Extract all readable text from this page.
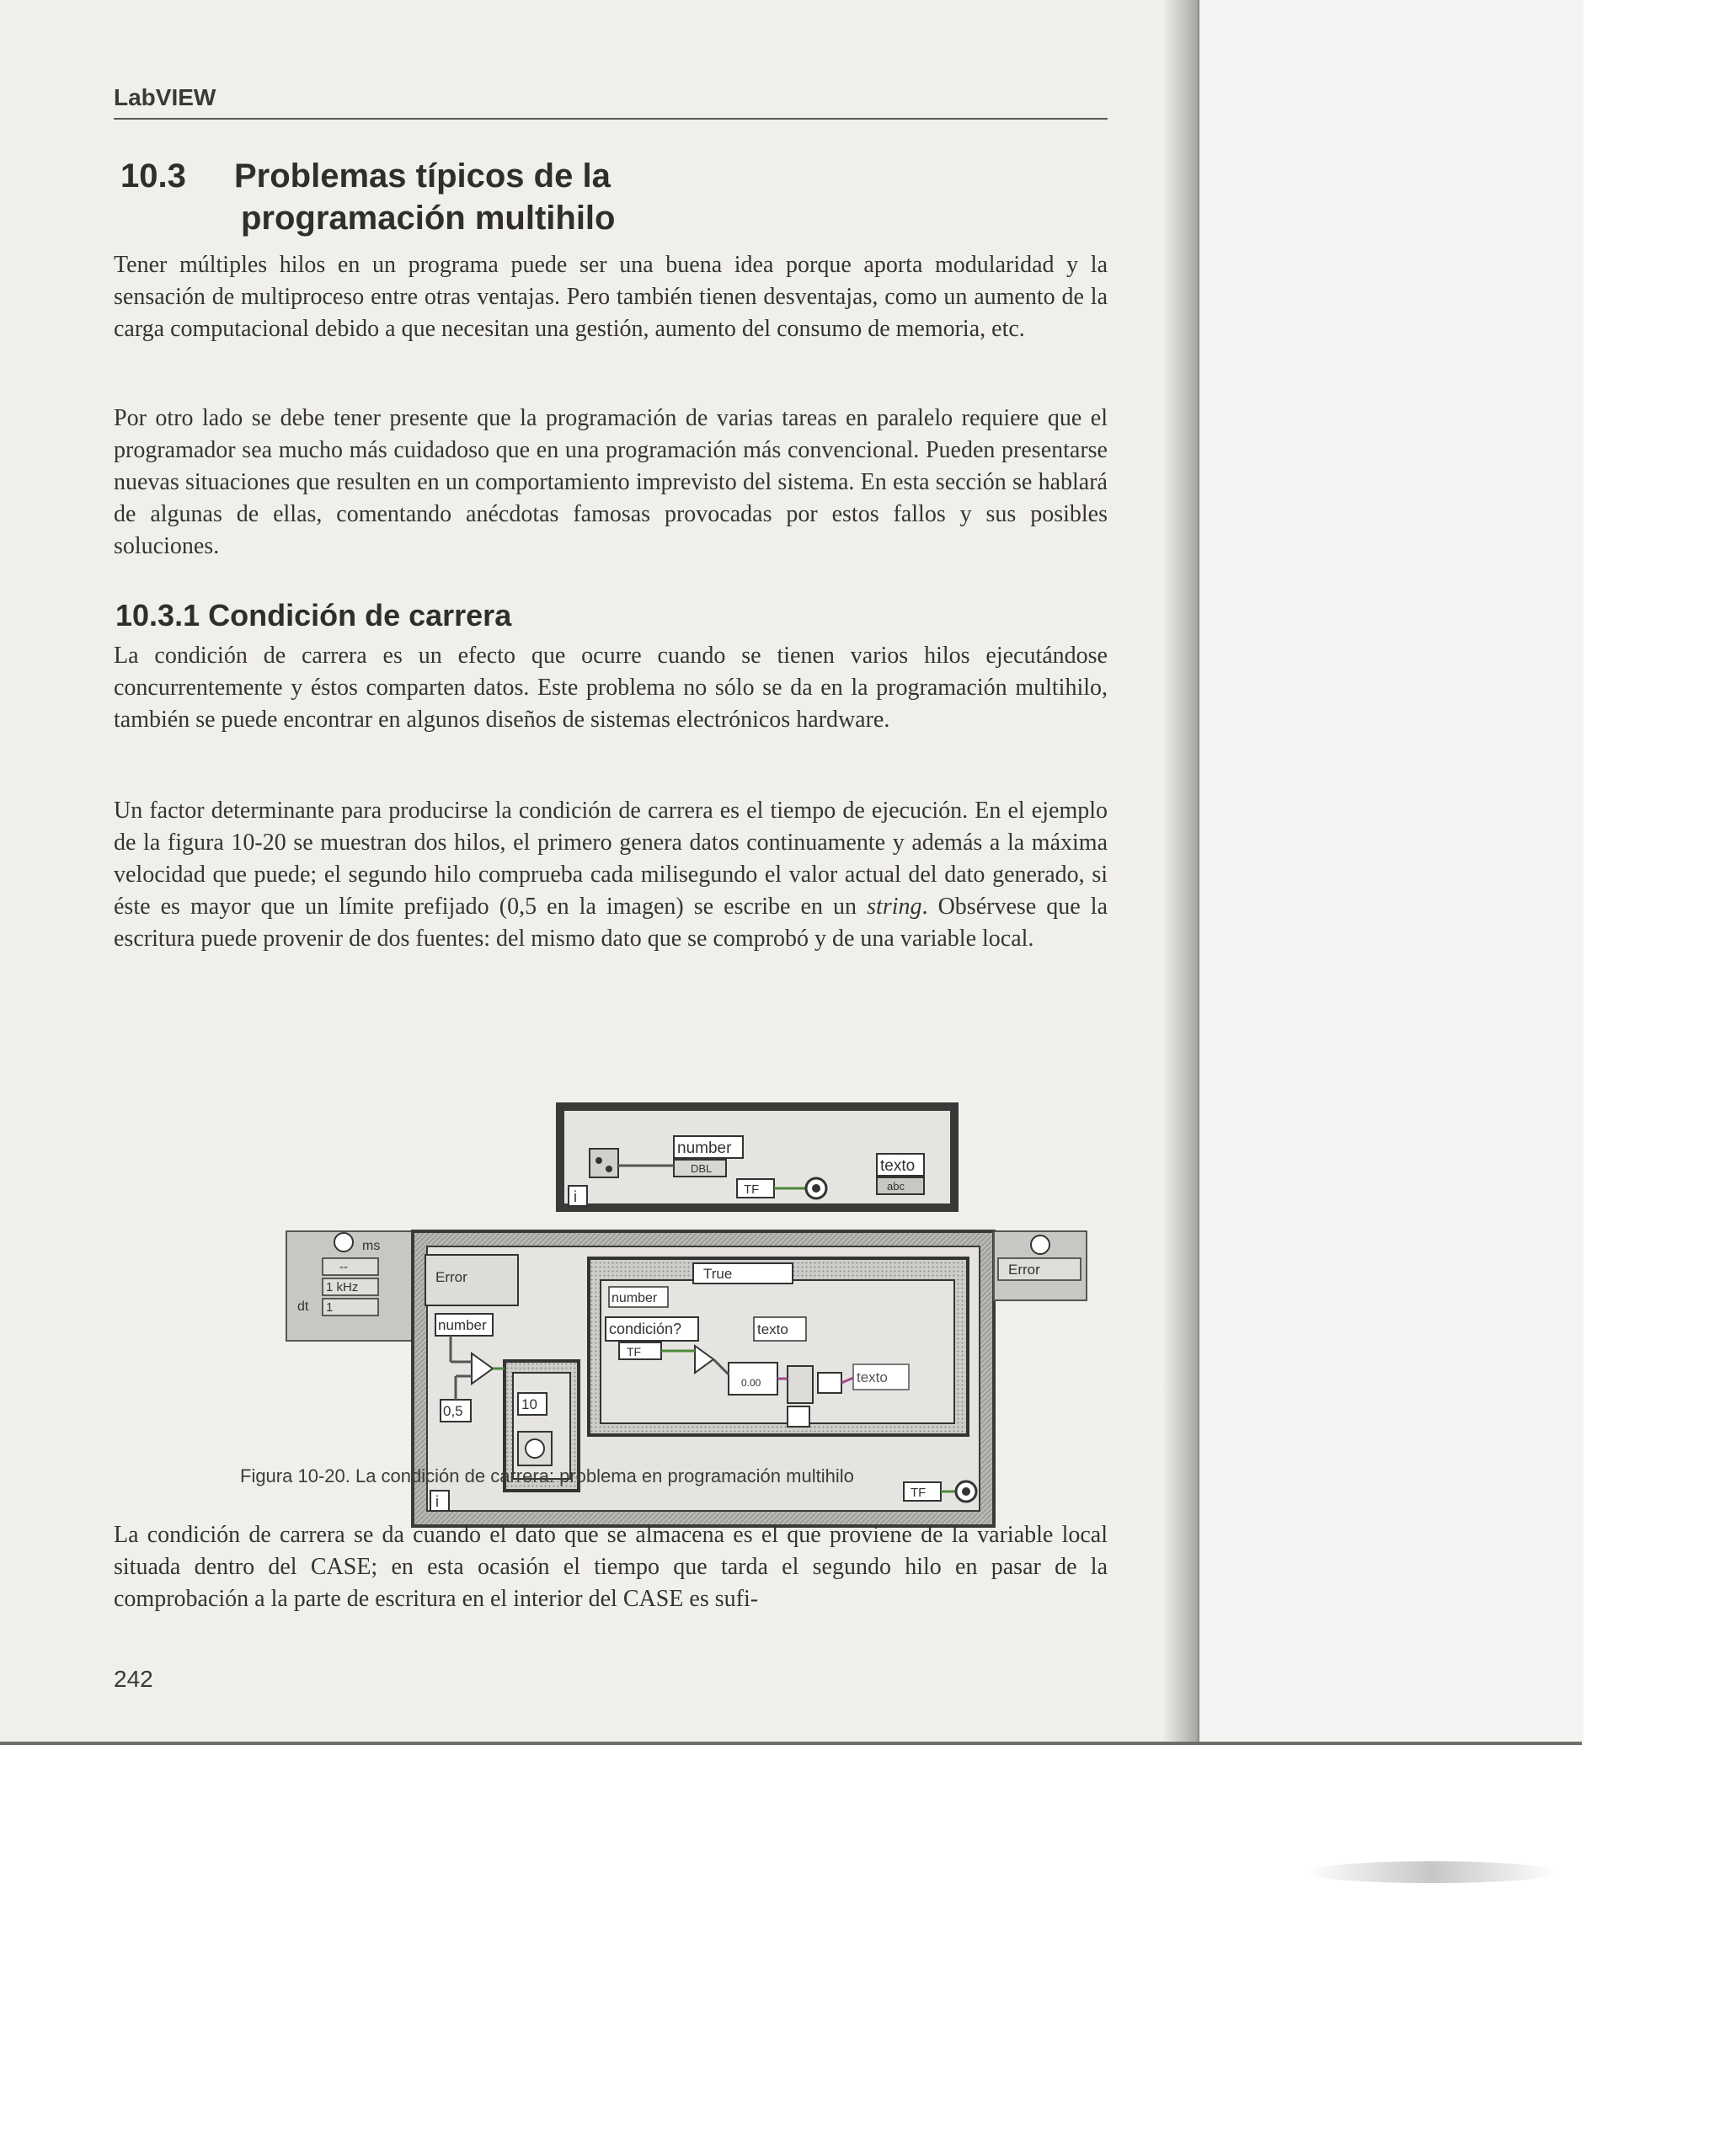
LabVIEW
10.3 Problemas típicos de la
programación multihilo
Tener múltiples hilos en un programa puede ser una buena idea porque aporta modularidad y la sensación de multiproceso entre otras ventajas. Pero también tienen desventajas, como un aumento de la carga computacional debido a que necesitan una gestión, aumento del consumo de memoria, etc.
Por otro lado se debe tener presente que la programación de varias tareas en paralelo requiere que el programador sea mucho más cuidadoso que en una programación más convencional. Pueden presentarse nuevas situaciones que resulten en un comportamiento imprevisto del sistema. En esta sección se hablará de algunas de ellas, comentando anécdotas famosas provocadas por estos fallos y sus posibles soluciones.
10.3.1 Condición de carrera
La condición de carrera es un efecto que ocurre cuando se tienen varios hilos ejecutándose concurrentemente y éstos comparten datos. Este problema no sólo se da en la programación multihilo, también se puede encontrar en algunos diseños de sistemas electrónicos hardware.
Un factor determinante para producirse la condición de carrera es el tiempo de ejecución. En el ejemplo de la figura 10-20 se muestran dos hilos, el primero genera datos continuamente y además a la máxima velocidad que puede; el segundo hilo comprueba cada milisegundo el valor actual del dato generado, si éste es mayor que un límite prefijado (0,5 en la imagen) se escribe en un string. Obsérvese que la escritura puede provenir de dos fuentes: del mismo dato que se comprobó y de una variable local.
i
number
DBL
TF
texto
abc
ms
--
1 kHz
dt 1
Error
number
0,5	10
True
number
condición?
TF
texto
0.00	texto
i
TF
Error
Figura 10-20. La condición de carrera: problema en programación multihilo
La condición de carrera se da cuando el dato que se almacena es el que proviene de la variable local situada dentro del CASE; en esta ocasión el tiempo que tarda el segundo hilo en pasar de la comprobación a la parte de escritura en el interior del CASE es sufi-
242
